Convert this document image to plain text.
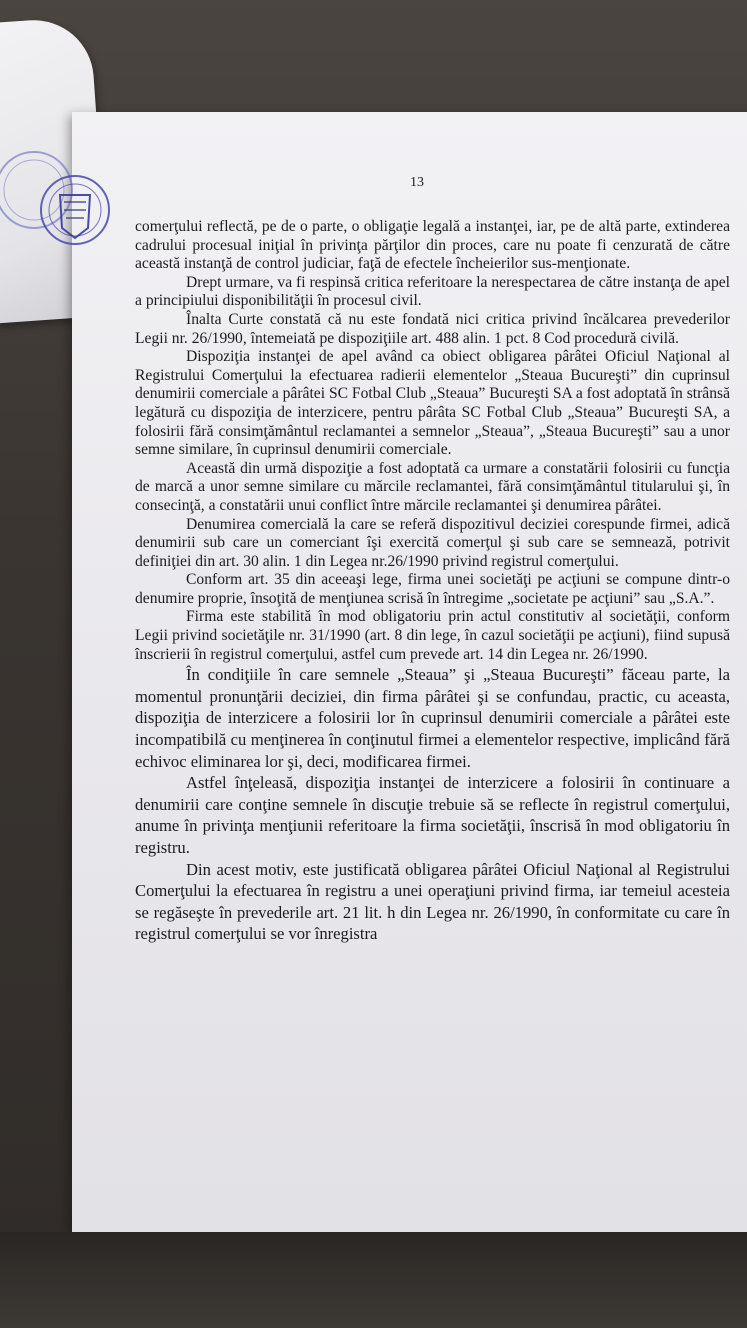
13

comerţului reflectă, pe de o parte, o obligaţie legală a instanţei, iar, pe de altă parte, extinderea cadrului procesual iniţial în privinţa părţilor din proces, care nu poate fi cenzurată de către această instanţă de control judiciar, faţă de efectele încheierilor sus-menţionate.

Drept urmare, va fi respinsă critica referitoare la nerespectarea de către instanţa de apel a principiului disponibilităţii în procesul civil.

Înalta Curte constată că nu este fondată nici critica privind încălcarea prevederilor Legii nr. 26/1990, întemeiată pe dispoziţiile art. 488 alin. 1 pct. 8 Cod procedură civilă.

Dispoziţia instanţei de apel având ca obiect obligarea pârâtei Oficiul Naţional al Registrului Comerţului la efectuarea radierii elementelor „Steaua Bucureşti” din cuprinsul denumirii comerciale a pârâtei SC Fotbal Club „Steaua” Bucureşti SA a fost adoptată în strânsă legătură cu dispoziţia de interzicere, pentru pârâta SC Fotbal Club „Steaua” Bucureşti SA, a folosirii fără consimţământul reclamantei a semnelor „Steaua”, „Steaua Bucureşti” sau a unor semne similare, în cuprinsul denumirii comerciale.

Această din urmă dispoziţie a fost adoptată ca urmare a constatării folosirii cu funcţia de marcă a unor semne similare cu mărcile reclamantei, fără consimţământul titularului şi, în consecinţă, a constatării unui conflict între mărcile reclamantei şi denumirea pârâtei.

Denumirea comercială la care se referă dispozitivul deciziei corespunde firmei, adică denumirii sub care un comerciant îşi exercită comerţul şi sub care se semnează, potrivit definiţiei din art. 30 alin. 1 din Legea nr.26/1990 privind registrul comerţului.

Conform art. 35 din aceeaşi lege, firma unei societăţi pe acţiuni se compune dintr-o denumire proprie, însoţită de menţiunea scrisă în întregime „societate pe acţiuni” sau „S.A.”.

Firma este stabilită în mod obligatoriu prin actul constitutiv al societăţii, conform Legii privind societăţile nr. 31/1990 (art. 8 din lege, în cazul societăţii pe acţiuni), fiind supusă înscrierii în registrul comerţului, astfel cum prevede art. 14 din Legea nr. 26/1990.

În condiţiile în care semnele „Steaua” şi „Steaua Bucureşti” făceau parte, la momentul pronunţării deciziei, din firma pârâtei şi se confundau, practic, cu aceasta, dispoziţia de interzicere a folosirii lor în cuprinsul denumirii comerciale a pârâtei este incompatibilă cu menţinerea în conţinutul firmei a elementelor respective, implicând fără echivoc eliminarea lor şi, deci, modificarea firmei.

Astfel înţeleasă, dispoziţia instanţei de interzicere a folosirii în continuare a denumirii care conţine semnele în discuţie trebuie să se reflecte în registrul comerţului, anume în privinţa menţiunii referitoare la firma societăţii, înscrisă în mod obligatoriu în registru.

Din acest motiv, este justificată obligarea pârâtei Oficiul Naţional al Registrului Comerţului la efectuarea în registru a unei operaţiuni privind firma, iar temeiul acesteia se regăseşte în prevederile art. 21 lit. h din Legea nr. 26/1990, în conformitate cu care în registrul comerţului se vor înregistra
